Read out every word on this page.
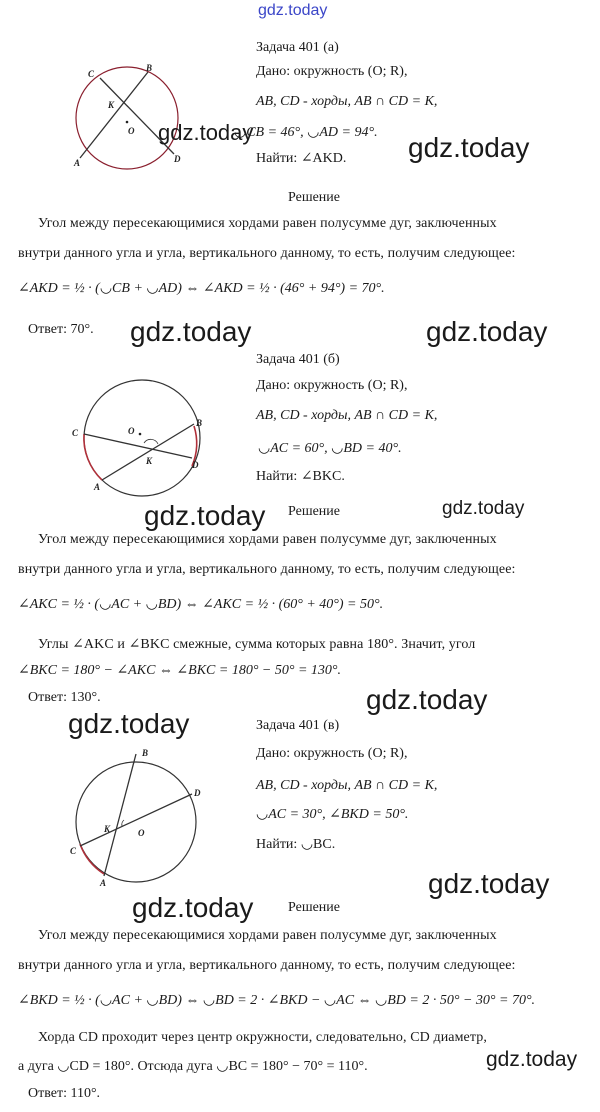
gdz.today
Задача 401 (а)
Дано: окружность (O; R),
AB, CD - хорды, AB ∩ CD = K,
◡CB = 46°, ◡AD = 94°.
Найти: ∠AKD.
C
B
K
O
A	D
gdz.today	gdz.today
Решение
Угол между пересекающимися хордами равен полусумме дуг, заключенных
внутри данного угла и угла, вертикального данному, то есть, получим следующее:
∠AKD = ½ · (◡CB + ◡AD) ⇔ ∠AKD = ½ · (46° + 94°) = 70°.
Ответ: 70°. gdz.today	gdz.today
Задача 401 (б)
Дано: окружность (O; R),
AB, CD - хорды, AB ∩ CD = K,
◡AC = 60°, ◡BD = 40°.
Найти: ∠BKC.
C
B
K
O
A
D
gdz.today Решение	gdz.today
Угол между пересекающимися хордами равен полусумме дуг, заключенных
внутри данного угла и угла, вертикального данному, то есть, получим следующее:
∠AKC = ½ · (◡AC + ◡BD) ⇔ ∠AKC = ½ · (60° + 40°) = 50°.
Углы ∠AKC и ∠BKC смежные, сумма которых равна 180°. Значит, угол
∠BKC = 180° − ∠AKC ⇔ ∠BKC = 180° − 50° = 130°.
Ответ: 130°.	gdz.today
gdz.today	Задача 401 (в)
Дано: окружность (O; R),
AB, CD - хорды, AB ∩ CD = K,
◡AC = 30°, ∠BKD = 50°.
Найти: ◡BC.
B
D
K	O
C
A	gdz.today
gdz.today Решение
Угол между пересекающимися хордами равен полусумме дуг, заключенных
внутри данного угла и угла, вертикального данному, то есть, получим следующее:
∠BKD = ½ · (◡AC + ◡BD) ⇔ ◡BD = 2 · ∠BKD − ◡AC ⇔ ◡BD = 2 · 50° − 30° = 70°.
Хорда CD проходит через центр окружности, следовательно, CD диаметр,
а дуга ◡CD = 180°. Отсюда дуга ◡BC = 180° − 70° = 110°.	gdz.today
Ответ: 110°.
